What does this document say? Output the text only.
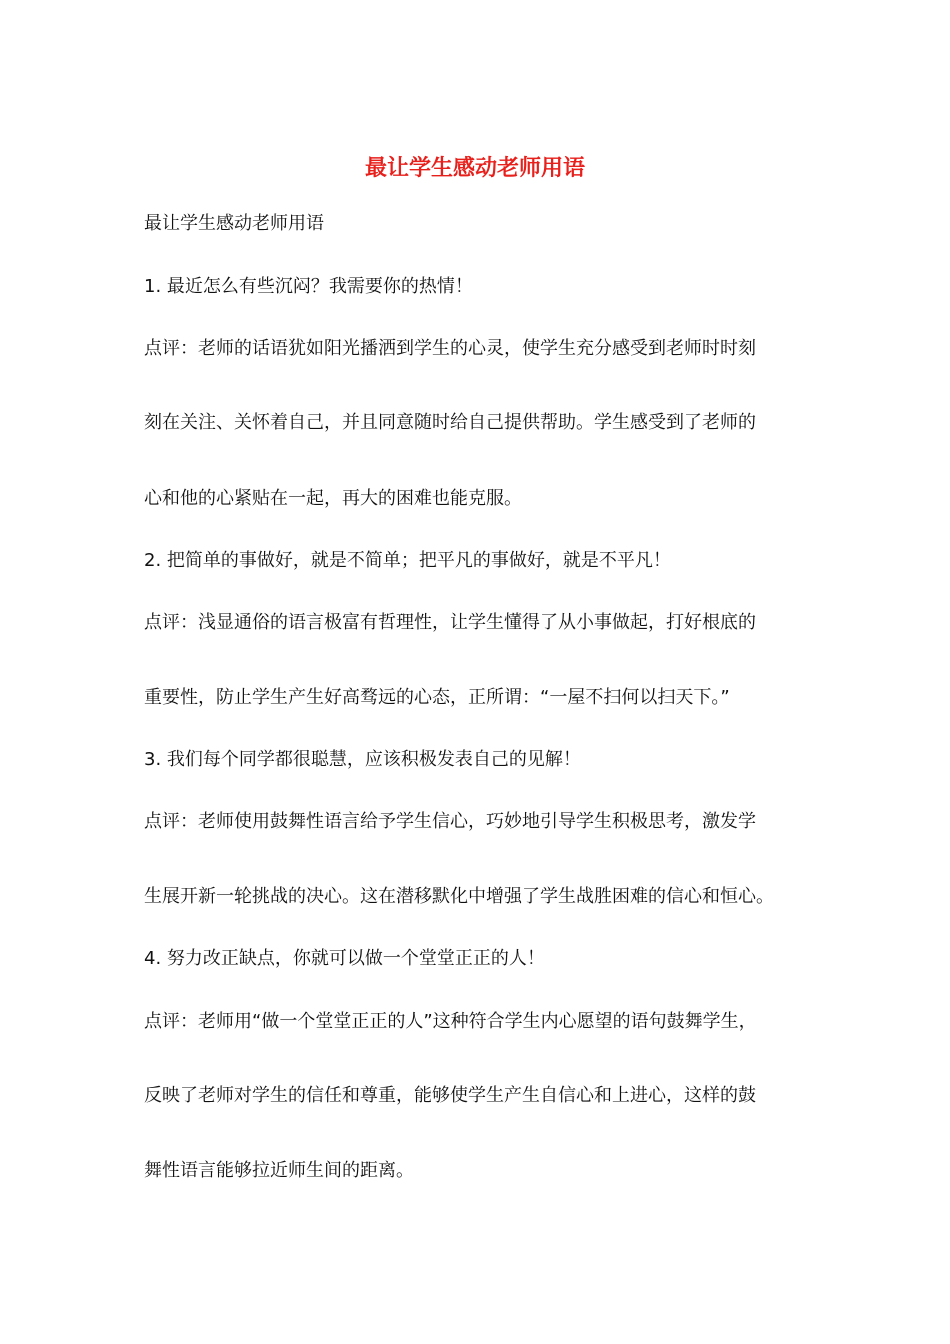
最让学生感动老师用语
最让学生感动老师用语
1. 最近怎么有些沉闷？我需要你的热情！
点评：老师的话语犹如阳光播洒到学生的心灵，使学生充分感受到老师时时刻
刻在关注、关怀着自己，并且同意随时给自己提供帮助。学生感受到了老师的
心和他的心紧贴在一起，再大的困难也能克服。
2. 把简单的事做好，就是不简单；把平凡的事做好，就是不平凡！
点评：浅显通俗的语言极富有哲理性，让学生懂得了从小事做起，打好根底的
重要性，防止学生产生好高骛远的心态，正所谓：“一屋不扫何以扫天下。”
3. 我们每个同学都很聪慧，应该积极发表自己的见解！
点评：老师使用鼓舞性语言给予学生信心，巧妙地引导学生积极思考，激发学
生展开新一轮挑战的决心。这在潜移默化中增强了学生战胜困难的信心和恒心。
4. 努力改正缺点，你就可以做一个堂堂正正的人！
点评：老师用“做一个堂堂正正的人”这种符合学生内心愿望的语句鼓舞学生，
反映了老师对学生的信任和尊重，能够使学生产生自信心和上进心，这样的鼓
舞性语言能够拉近师生间的距离。
